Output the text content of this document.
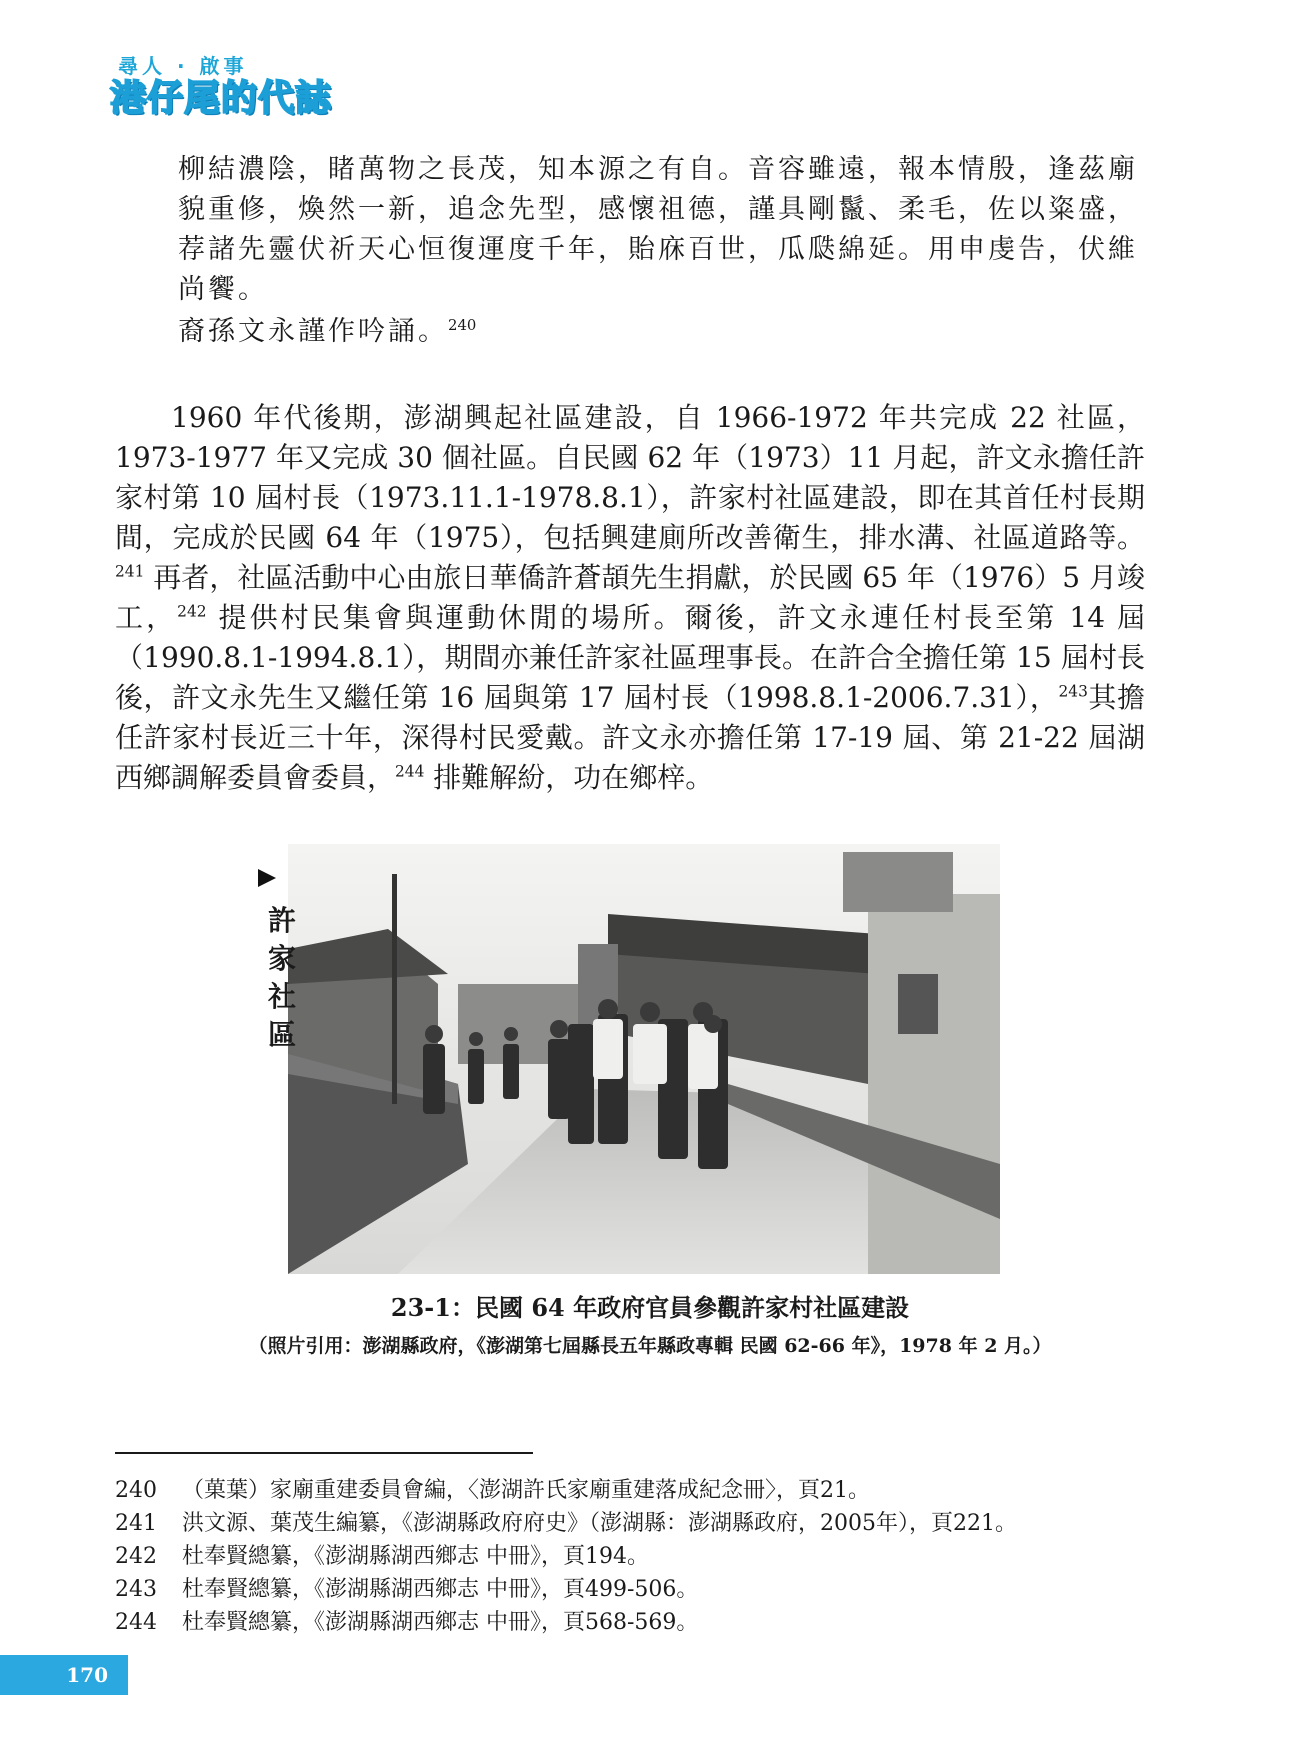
尋人 · 啟事
港仔尾的代誌

柳結濃陰，睹萬物之長茂，知本源之有自。音容雖遠，報本情殷，逢茲廟

貌重修，煥然一新，追念先型，感懷祖德，謹具剛鬣、柔毛，佐以粢盛，

荐諸先靈伏祈天心恒復運度千年，貽庥百世，瓜瓞綿延。用申虔告，伏維

尚饗。

裔孫文永謹作吟誦。$^{240}$

1960 年代後期，澎湖興起社區建設，自 1966-1972 年共完成 22 社區，1973-1977 年又完成 30 個社區。自民國 62 年（1973）11 月起，許文永擔任許家村第 10 屆村長（1973.11.1-1978.8.1），許家村社區建設，即在其首任村長期間，完成於民國 64 年（1975），包括興建廁所改善衛生，排水溝、社區道路等。$^{241}$ 再者，社區活動中心由旅日華僑許蒼頡先生捐獻，於民國 65 年（1976）5 月竣工，$^{242}$ 提供村民集會與運動休閒的場所。爾後，許文永連任村長至第 14 屆（1990.8.1-1994.8.1），期間亦兼任許家社區理事長。在許合全擔任第 15 屆村長後，許文永先生又繼任第 16 屆與第 17 屆村長（1998.8.1-2006.7.31），$^{243}$其擔任許家村長近三十年，深得村民愛戴。許文永亦擔任第 17-19 屆、第 21-22 屆湖西鄉調解委員會委員，$^{244}$ 排難解紛，功在鄉梓。

許
家
社
區
23-1：民國 64 年政府官員參觀許家村社區建設
（照片引用：澎湖縣政府，《澎湖第七屆縣長五年縣政專輯 民國 62-66 年》，1978 年 2 月。）
240	（菓葉）家廟重建委員會編，〈澎湖許氏家廟重建落成紀念冊〉，頁21。
241	洪文源、葉茂生編纂，《澎湖縣政府府史》（澎湖縣：澎湖縣政府，2005年），頁221。
242	杜奉賢總纂，《澎湖縣湖西鄉志 中冊》，頁194。
243	杜奉賢總纂，《澎湖縣湖西鄉志 中冊》，頁499-506。
244	杜奉賢總纂，《澎湖縣湖西鄉志 中冊》，頁568-569。
170
